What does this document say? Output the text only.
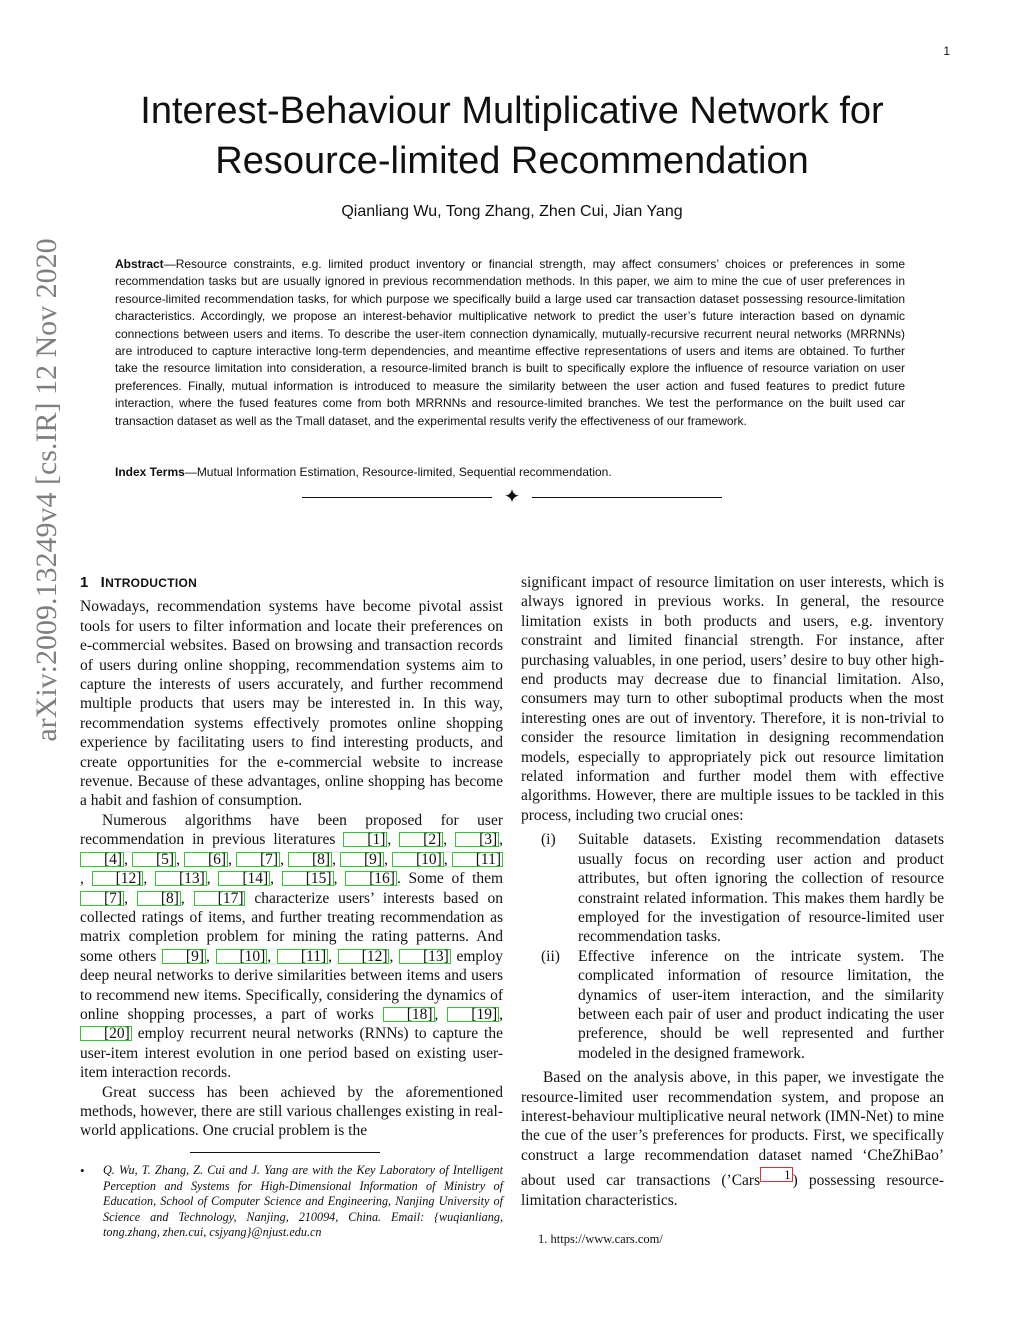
1
Interest-Behaviour Multiplicative Network for
Resource-limited Recommendation
Qianliang Wu, Tong Zhang, Zhen Cui, Jian Yang

Abstract—Resource constraints, e.g. limited product inventory or financial strength, may affect consumers’ choices or preferences in some recommendation tasks but are usually ignored in previous recommendation methods. In this paper, we aim to mine the cue of user preferences in resource-limited recommendation tasks, for which purpose we specifically build a large used car transaction dataset possessing resource-limitation characteristics. Accordingly, we propose an interest-behavior multiplicative network to predict the user’s future interaction based on dynamic connections between users and items. To describe the user-item connection dynamically, mutually-recursive recurrent neural networks (MRRNNs) are introduced to capture interactive long-term dependencies, and meantime effective representations of users and items are obtained. To further take the resource limitation into consideration, a resource-limited branch is built to specifically explore the influence of resource variation on user preferences. Finally, mutual information is introduced to measure the similarity between the user action and fused features to predict future interaction, where the fused features come from both MRRNNs and resource-limited branches. We test the performance on the built used car transaction dataset as well as the Tmall dataset, and the experimental results verify the effectiveness of our framework.

Index Terms—Mutual Information Estimation, Resource-limited, Sequential recommendation.

✦
arXiv:2009.13249v4 [cs.IR] 12 Nov 2020	1 INTRODUCTION

Nowadays, recommendation systems have become pivotal assist tools for users to filter information and locate their preferences on e-commercial websites. Based on browsing and transaction records of users during online shopping, recommendation systems aim to capture the interests of users accurately, and further recommend multiple products that users may be interested in. In this way, recommendation systems effectively promotes online shopping experience by facilitating users to find interesting products, and create opportunities for the e-commercial website to increase revenue. Because of these advantages, online shopping has become a habit and fashion of consumption.

Numerous algorithms have been proposed for user recommendation in previous literatures [1] , [2] , [3] , [4] , [5] , [6] , [7] , [8] , [9] , [10] , [11], [12] , [13] , [14] , [15] , [16] . Some of them [7] , [8] , [17] characterize users’ interests based on collected ratings of items, and further treating recommendation as matrix completion problem for mining the rating patterns. And some others [9] , [10] , [11] , [12] , [13] employ deep neural networks to derive similarities between items and users to recommend new items. Specifically, considering the dynamics of online shopping processes, a part of works [18] , [19] , [20] employ recurrent neural networks (RNNs) to capture the user-item interest evolution in one period based on existing user-item interaction records.

Great success has been achieved by the aforementioned methods, however, there are still various challenges existing in real-world applications. One crucial problem is the

• Q. Wu, T. Zhang, Z. Cui and J. Yang are with the Key Laboratory of Intelligent Perception and Systems for High-Dimensional Information of Ministry of Education, School of Computer Science and Engineering, Nanjing University of Science and Technology, Nanjing, 210094, China. Email: {wuqianliang, tong.zhang, zhen.cui, csjyang}@njust.edu.cn

significant impact of resource limitation on user interests, which is always ignored in previous works. In general, the resource limitation exists in both products and users, e.g. inventory constraint and limited financial strength. For instance, after purchasing valuables, in one period, users’ desire to buy other high-end products may decrease due to financial limitation. Also, consumers may turn to other suboptimal products when the most interesting ones are out of inventory. Therefore, it is non-trivial to consider the resource limitation in designing recommendation models, especially to appropriately pick out resource limitation related information and further model them with effective algorithms. However, there are multiple issues to be tackled in this process, including two crucial ones:

(i) Suitable datasets. Existing recommendation datasets usually focus on recording user action and product attributes, but often ignoring the collection of resource constraint related information. This makes them hardly be employed for the investigation of resource-limited user recommendation tasks.
(ii) Effective inference on the intricate system. The complicated information of resource limitation, the dynamics of user-item interaction, and the similarity between each pair of user and product indicating the user preference, should be well represented and further modeled in the designed framework.

Based on the analysis above, in this paper, we investigate the resource-limited user recommendation system, and propose an interest-behaviour multiplicative neural network (IMN-Net) to mine the cue of the user’s preferences for products. First, we specifically construct a large recommendation dataset named ‘CheZhiBao’ about used car transactions (’Cars $^1$ ) possessing resource-limitation characteristics.

1. https://www.cars.com/
